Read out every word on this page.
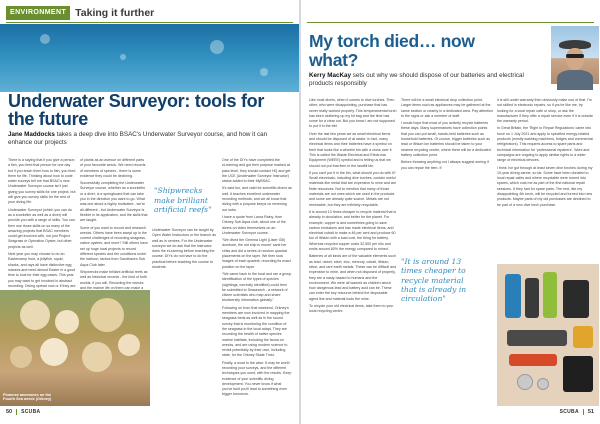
ENVIRONMENT Taking it further
Underwater Surveyor: tools for the future
Jane Maddocks takes a deep dive into BSAC's Underwater Surveyor course, and how it can enhance our projects

There is a saying that if you give a person a fish, you feed that person for one day but if you teach them how to fish, you feed them for life. Thinking about how to code water surveys tell me that BSAC's new Underwater Surveyor course isn't just giving you survey skills for one project, but will give you survey skills for the rest of your diving life.

Underwater Surveyor (which you can do as a snorkeller as well as a diver) will provide you with a range of skills. You can then use those skills on so many of the amazing projects that BSAC members could get involved with, not just Project Seagrass or Operation Oyster, but other projects as well.

Next year you may choose to do an Eastercamp hunt, a jellyfish, squid, sharks, and rays all have distinctive egg masses and need almost Easter in a good time to look for their egg cases. This year you may want to get involved in abstract recording. Diving spread now or if they are

of plants as an avenue on different parts of your favourite wreck. We need records of members of species - there is some evidence they could be declining.

Successfully completing the Underwater Surveyor course, whether as a snorkeller or a diver, is a springboard that can take you in the direction you want to go. What was one about a highly motivated - we're all different - but Underwater Surveyor is flexible in its application, and the skills that are taught.

Some of you want to record and research wrecks. Others have been swept up in the current challenges of recording seagrass, native oysters, and more? Still others have set up huge local projects to record different species and the conditions under the harbour, tactics from Sandhaven Sub Aqua Club later.

Shipwrecks make brilliant artificial reefs as well as historical records - the kind of both worlds, if you will. Recording the wrecks and the marine life on them can make a

"Shipwrecks make brilliant artificial reefs"

Underwater Surveyor can be taught by Open Water Instructors or the branch as well as in centres. For the Underwater surveyor we do ask that the instructor does the eLearning before teaching the course. DIYs do not have to do the practical before teaching the course to students.

One of the DIYs have completed the eLearning and got their purpose marked at pass level, they should contact HQ and get the UCE (Underwater Surveyor Instructor) status added to their MyBSAC.

It's said fun, and valid for scientific divers as well. It teaches excellent underwater recording methods, and we all know that diving with a purpose keeps us renewing our subs.

I have a quote from Laura Rainy, from Orkney Sub Aqua club, about one of the divers on video themselves on an Underwater Surveyor course.

"We dived the Gemma Light (Lister GB) dumtrole, the old ship is mourn' sank her chiss and did a series of random quadrat placements on the layer. We then took images of each quadrat, recording its exact position on the layer.

"We came back to the boat and ran a group identification of the types of species (sightings, correctly identified) could then be submitted to Seasearch - a network of citizen scientists who map and share biodiversity information globally."

Following on from that weekend, Orkney's members are now involved in mapping the seagrass beds as well as in the sound survey that is monitoring the condition of the seagrass in the local adapt. They are recording the health of native species marine habitats, including the fauna on wrecks, and are using modern science to revisit potentially-by their own, including state, for the Orkney Skate Trust.

Finally, a word to the wise: It may be worth recording your surveys, and the different techniques you used, with the results. Keep evidence of your scientific diving development. You never know if what you've built you'll lead to something even bigger tomorrow.

Plumose anemones on the Fourth Sea wreck (Orkney)
50 SCUBA
My torch died… now what?
Kerry MacKay sets out why we should dispose of our batteries and electrical products responsibly

Like most divers, when it comes to dive torches. Then other, who were disappointing, purchase that has never really worked properly. This temperamental torch has been cluttering up my kit bag and the time has come for a clear out. But you know I am not supposed to put it in the bin!

Over the last few years we as small electrical items and should be disposed of at waste. In fact, many electrical items and their batteries have a symbol on their that looks like a wheelie bin with a cross over it. This is called the Waste Electrical and Electronic Equipment (WEEE) symbol and is telling us that we should not put that item in the landfill bin.

If you can't put it in the bin, what should you do with it? Small electricals, including dive torches, contain useful materials like metal that are expensive to mine and are finite resources. Not to mention that many of those materials are not ones which are used in the products and some are already quite scarce. Metals are not renewable, but they are infinitely recyclable.

It is around 13 times cheaper to recycle material that is already in circulation, and better for the planet. For example, copper is and sometimes going to save carbon emissions and has made electrical items, and electrical cobalt to make a 46 per cent and produce 60 ton of lithium with a load cost, the thing for battery. Whereas recycled copper costs 32,500 per kilo and emits around 80% the energy compared to mined.

Batteries of all kinds are of the valuable elements such as lead, nickel, steel, zinc, mercury, cobalt, lithium, silver, and rare earth metals. These can be difficult and expensive to mine, and when not disposed of properly, they are a nasty hazard to humans and the environment. We were all warned as children about how dangerous lead and battery acid can be. These can enter the key resource behind the disposable agent line and material tools the mine.

To recycle your old electrical items, take them to your local recycling centre.

There will be a small electrical drop collection point. Larger items such as appliances may be gathered at the same section or nearby in a dedicated area. Pay attention to the signs or ask a member of staff.

I would hope that most of you actively recycle batteries these days. Many supermarkets have collection points that you can put small, hands-held batteries such as household batteries. Of course, bigger batteries such as lead or lithium ion batteries should be taken to your nearest recycling centre, where there will be a dedicated battery collection point.

Before throwing anything out I always suggest seeing if you can repair the item. If

"It is around 13 times cheaper to recycle material that is already in circulation"

it is still under warranty then obviously make use of that. I'm not skilled in electronic repairs, so if you're like me, try looking for a local repair café or shop, or ask the manufacturer if they offer a repair service even if it is outside the warranty period.

In Great Britain, the 'Right to Repair Regulations' came into force on 1 July 2021 and apply to specified energy-related products (mostly washing machines, fridges and commercial refrigerators). This requires access to spare parts and technical information for 'professional repairers'. Work and campaigns are ongoing to apply similar rights to a wider range of electrical devices.

I think I've got through at least seven dive torches during my 10-year diving career, so far. Some have been donated to local repair cafes and where recyclable were turned into spares, which cost me as part of the first national repair sessions. If they had for spare parts. The rest, like my disappointing 4th torch, will be recycled and turned into new products. Maybe parts of my old purchases are destined to be part of a new dive torch purchase.

51
SCUBA
